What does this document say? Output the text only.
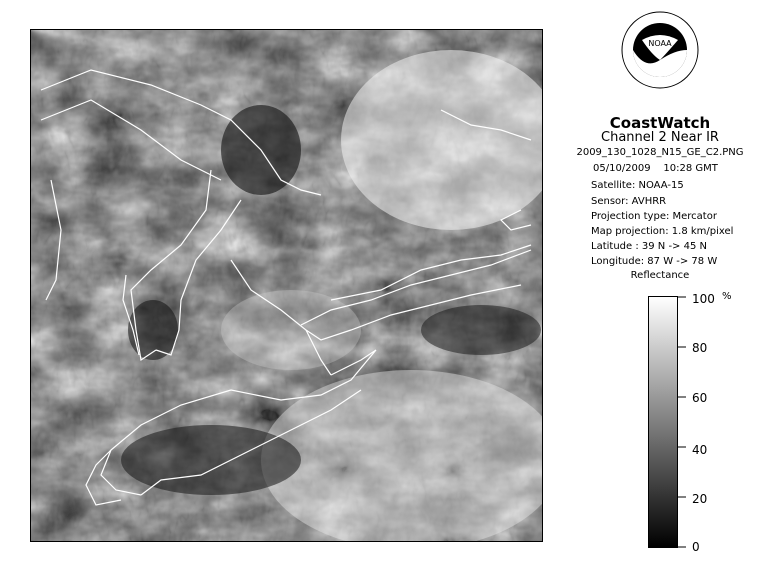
NOAA
CoastWatch
Channel 2 Near IR
2009_130_1028_N15_GE_C2.PNG
05/10/2009 10:28 GMT
Satellite: NOAA-15
Sensor: AVHRR
Projection type: Mercator
Map projection: 1.8 km/pixel
Latitude : 39 N -> 45 N
Longitude: 87 W -> 78 W
Reflectance
100
80
60
40
20
0
%
